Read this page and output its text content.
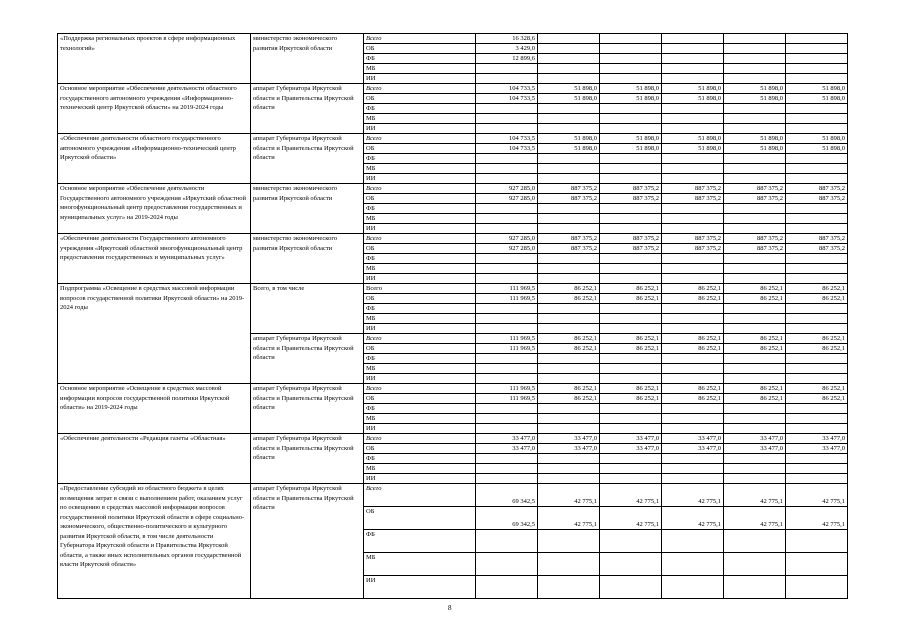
«Поддержка региональных проектов в сфере информационных технологий»	министерство экономического развития Иркутской области	Всего	16 328,6					
		ОБ	3 429,0					
		ФБ	12 899,6					
		МБ						
		ИИ						
Основное мероприятие «Обеспечение деятельности областного государственного автономного учреждения «Информационно-технический центр Иркутской области» на 2019-2024 годы	аппарат Губернатора Иркутской области и Правительства Иркутской области	Всего	104 733,5	51 898,0	51 898,0	51 898,0	51 898,0	51 898,0
		ОБ	104 733,5	51 898,0	51 898,0	51 898,0	51 898,0	51 898,0
		ФБ						
		МБ						
		ИИ						
«Обеспечение деятельности областного государственного автономного учреждения «Информационно-технический центр Иркутской области»	аппарат Губернатора Иркутской области и Правительства Иркутской области	Всего	104 733,5	51 898,0	51 898,0	51 898,0	51 898,0	51 898,0
		ОБ	104 733,5	51 898,0	51 898,0	51 898,0	51 898,0	51 898,0
		ФБ						
		МБ						
		ИИ						
Основное мероприятие «Обеспечение деятельности Государственного автономного учреждения «Иркутский областной многофункциональный центр предоставления государственных и муниципальных услуг» на 2019-2024 годы	министерство экономического развития Иркутской области	Всего	927 285,0	887 375,2	887 375,2	887 375,2	887 375,2	887 375,2
		ОБ	927 285,0	887 375,2	887 375,2	887 375,2	887 375,2	887 375,2
		ФБ						
		МБ						
		ИИ						
«Обеспечение деятельности Государственного автономного учреждения «Иркутский областной многофункциональный центр предоставления государственных и муниципальных услуг»	министерство экономического развития Иркутской области	Всего	927 285,0	887 375,2	887 375,2	887 375,2	887 375,2	887 375,2
		ОБ	927 285,0	887 375,2	887 375,2	887 375,2	887 375,2	887 375,2
		ФБ						
		МБ						
		ИИ						
Подпрограмма «Освещение в средствах массовой информации вопросов государственной политики Иркутской области» на 2019-2024 годы	Всего, в том числе	Всего	111 969,5	86 252,1	86 252,1	86 252,1	86 252,1	86 252,1
		ОБ	111 969,5	86 252,1	86 252,1	86 252,1	86 252,1	86 252,1
		ФБ						
		МБ						
		ИИ						
	аппарат Губернатора Иркутской области и Правительства Иркутской области	Всего	111 969,5	86 252,1	86 252,1	86 252,1	86 252,1	86 252,1
		ОБ	111 969,5	86 252,1	86 252,1	86 252,1	86 252,1	86 252,1
		ФБ						
		МБ						
		ИИ						
Основное мероприятие «Освещение в средствах массовой информации вопросов государственной политики Иркутской области» на 2019-2024 годы	аппарат Губернатора Иркутской области и Правительства Иркутской области	Всего	111 969,5	86 252,1	86 252,1	86 252,1	86 252,1	86 252,1
		ОБ	111 969,5	86 252,1	86 252,1	86 252,1	86 252,1	86 252,1
		ФБ						
		МБ						
		ИИ						
«Обеспечение деятельности «Редакция газеты «Областная»	аппарат Губернатора Иркутской области и Правительства Иркутской области	Всего	33 477,0	33 477,0	33 477,0	33 477,0	33 477,0	33 477,0
		ОБ	33 477,0	33 477,0	33 477,0	33 477,0	33 477,0	33 477,0
		ФБ						
		МБ						
		ИИ						
«Предоставление субсидий из областного бюджета в целях возмещения затрат в связи с выполнением работ, оказанием услуг по освещению в средствах массовой информации вопросов государственной политики Иркутской области в сфере социально-экономического, общественно-политического и культурного развития Иркутской области, в том числе деятельности Губернатора Иркутской области и Правительства Иркутской области, а также иных исполнительных органов государственной власти Иркутской области»	аппарат Губернатора Иркутской области и Правительства Иркутской области	Всего	69 342,5	42 775,1	42 775,1	42 775,1	42 775,1	42 775,1
		ОБ	69 342,5	42 775,1	42 775,1	42 775,1	42 775,1	42 775,1
		ФБ						
		МБ						
		ИИ						
8
